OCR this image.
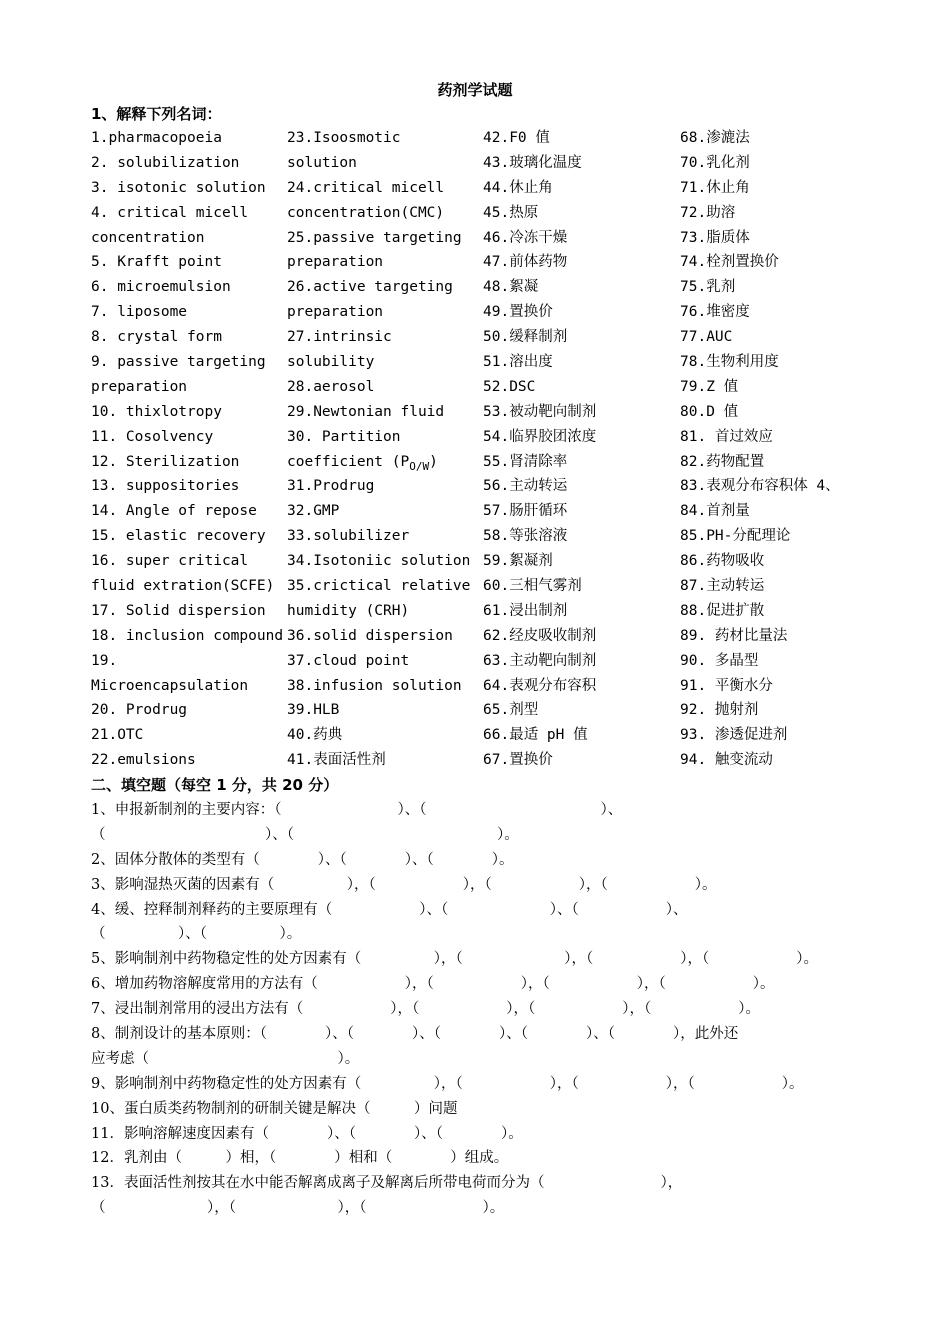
药剂学试题
1、解释下列名词：
1.pharmacopoeia
2. solubilization
3. isotonic solution
4. critical micell
concentration
5. Krafft point
6. microemulsion
7. liposome
8. crystal form
9. passive targeting
preparation
10. thixlotropy
11. Cosolvency
12. Sterilization
13. suppositories
14. Angle of repose
15. elastic recovery
16. super critical
fluid extration(SCFE)
17. Solid dispersion
18. inclusion compound
19.
Microencapsulation
20. Prodrug
21.OTC
22.emulsions
23.Isoosmotic
solution
24.critical micell
concentration(CMC)
25.passive targeting
preparation
26.active targeting
preparation
27.intrinsic
solubility
28.aerosol
29.Newtonian fluid
30. Partition
coefficient $(P_{O/W})$
31.Prodrug
32.GMP
33.solubilizer
34.Isotoniic solution
35.crictical relative
humidity (CRH)
36.solid dispersion
37.cloud point
38.infusion solution
39.HLB
40.药典
41.表面活性剂
42.F0 值
43.玻璃化温度
44.休止角
45.热原
46.冷冻干燥
47.前体药物
48.絮凝
49.置换价
50.缓释制剂
51.溶出度
52.DSC
53.被动靶向制剂
54.临界胶团浓度
55.肾清除率
56.主动转运
57.肠肝循环
58.等张溶液
59.絮凝剂
60.三相气雾剂
61.浸出制剂
62.经皮吸收制剂
63.主动靶向制剂
64.表观分布容积
65.剂型
66.最适 pH 值
67.置换价
68.渗漉法
70.乳化剂
71.休止角
72.助溶
73.脂质体
74.栓剂置换价
75.乳剂
76.堆密度
77.AUC
78.生物利用度
79.Z 值
80.D 值
81. 首过效应
82.药物配置
83.表观分布容积体 4、
84.首剂量
85.PH-分配理论
86.药物吸收
87.主动转运
88.促进扩散
89. 药材比量法
90. 多晶型
91. 平衡水分
92. 抛射剂
93. 渗透促进剂
94. 触变流动
二、填空题（每空 1 分，共 20 分）
1、申报新制剂的主要内容：（　　　　　　　　）、（　　　　　　　　　　　　）、
（　　　　　　　　　　　）、（　　　　　　　　　　　　　　）。
2、固体分散体的类型有（　　　　）、（　　　　）、（　　　　）。
3、影响湿热灭菌的因素有（　　　　　），（　　　　　　），（　　　　　　），（　　　　　　）。
4、缓、控释制剂释药的主要原理有（　　　　　　）、（　　　　　　　）、（　　　　　　）、
（　　　　　）、（　　　　　）。
5、影响制剂中药物稳定性的处方因素有（　　　　　），（　　　　　　　），（　　　　　　），（　　　　　　）。
6、增加药物溶解度常用的方法有（　　　　　　），（　　　　　　），（　　　　　　），（　　　　　　）。
7、浸出制剂常用的浸出方法有（　　　　　　），（　　　　　　），（　　　　　　），（　　　　　　）。
8、制剂设计的基本原则：（　　　　）、（　　　　）、（　　　　）、（　　　　）、（　　　　），此外还
应考虑（　　　　　　　　　　　　　）。
9、影响制剂中药物稳定性的处方因素有（　　　　　），（　　　　　　），（　　　　　　），（　　　　　　）。
10、蛋白质类药物制剂的研制关键是解决（　　　）问题
11．影响溶解速度因素有（　　　　）、（　　　　）、（　　　　）。
12．乳剂由（　　　）相，（　　　　）相和（　　　　）组成。
13．表面活性剂按其在水中能否解离成离子及解离后所带电荷而分为（　　　　　　　　），
（　　　　　　　），（　　　　　　　），（　　　　　　　　）。
